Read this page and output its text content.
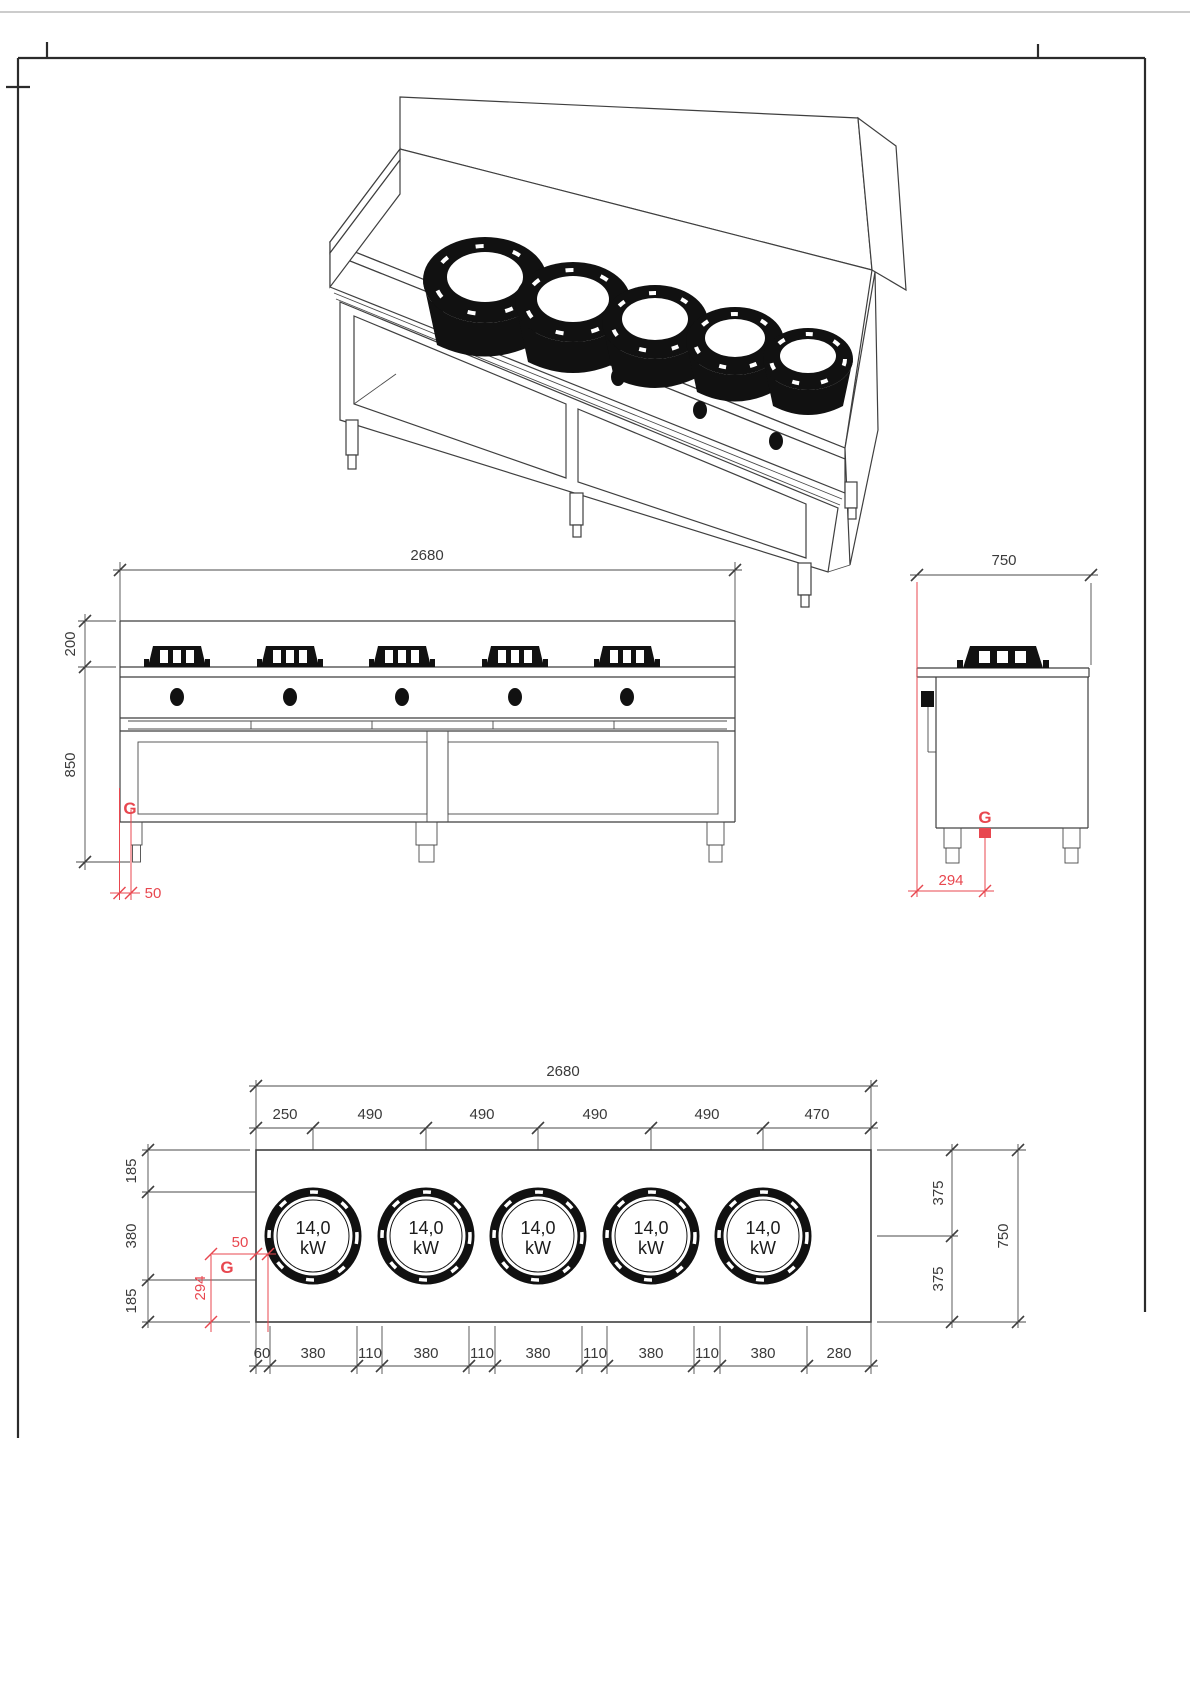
2680
200
850
G
50
750
G
294
2680
250	490	490	490	490	470
14,0
kW
14,0
kW
14,0
kW
14,0
kW
14,0
kW
185
380
185
375
375
750
60 380 110 380 110 380 110 380 110 380	280
50
294
G
